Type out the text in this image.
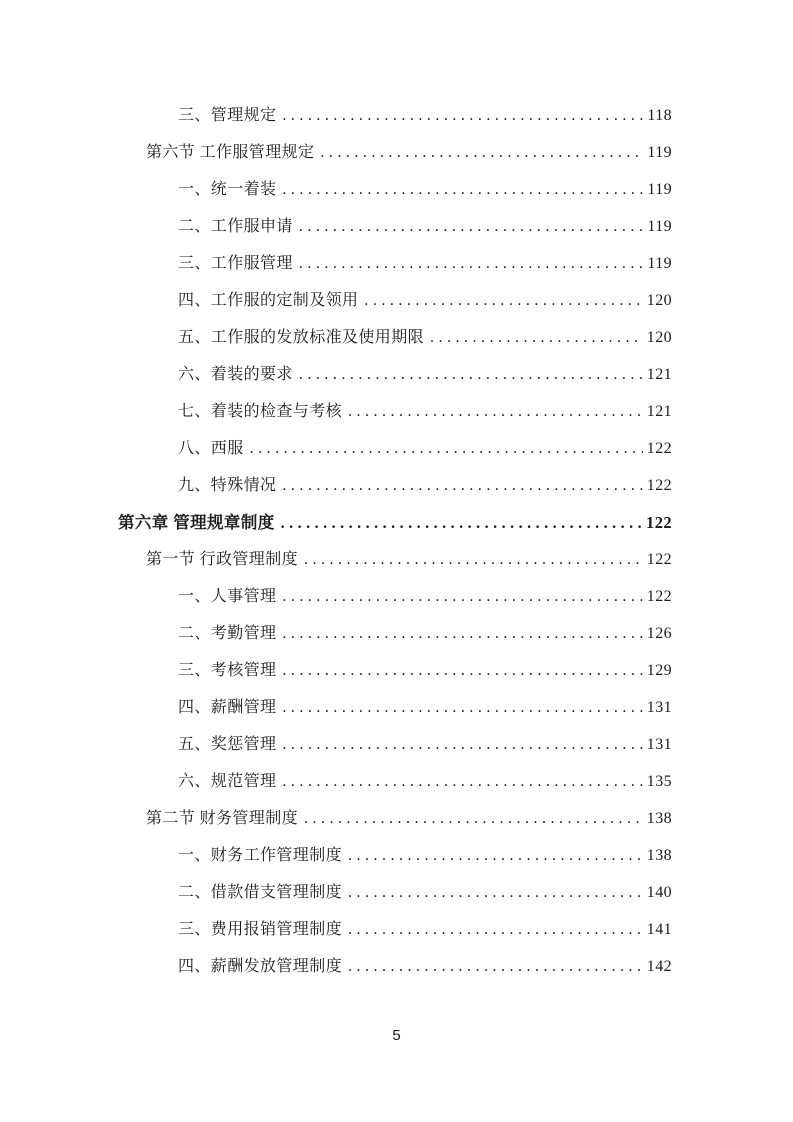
三、管理规定 .....	118
第六节 工作服管理规定 .....	119
一、统一着装 .....	119
二、工作服申请 .....	119
三、工作服管理 .....	119
四、工作服的定制及领用 .....	120
五、工作服的发放标准及使用期限 .....	120
六、着装的要求 .....	121
七、着装的检查与考核 .....	121
八、西服 .....	122
九、特殊情况 .....	122
第六章 管理规章制度 .....	122
第一节 行政管理制度 .....	122
一、人事管理 .....	122
二、考勤管理 .....	126
三、考核管理 .....	129
四、薪酬管理 .....	131
五、奖惩管理 .....	131
六、规范管理 .....	135
第二节 财务管理制度 .....	138
一、财务工作管理制度 .....	138
二、借款借支管理制度 .....	140
三、费用报销管理制度 .....	141
四、薪酬发放管理制度 .....	142
5
